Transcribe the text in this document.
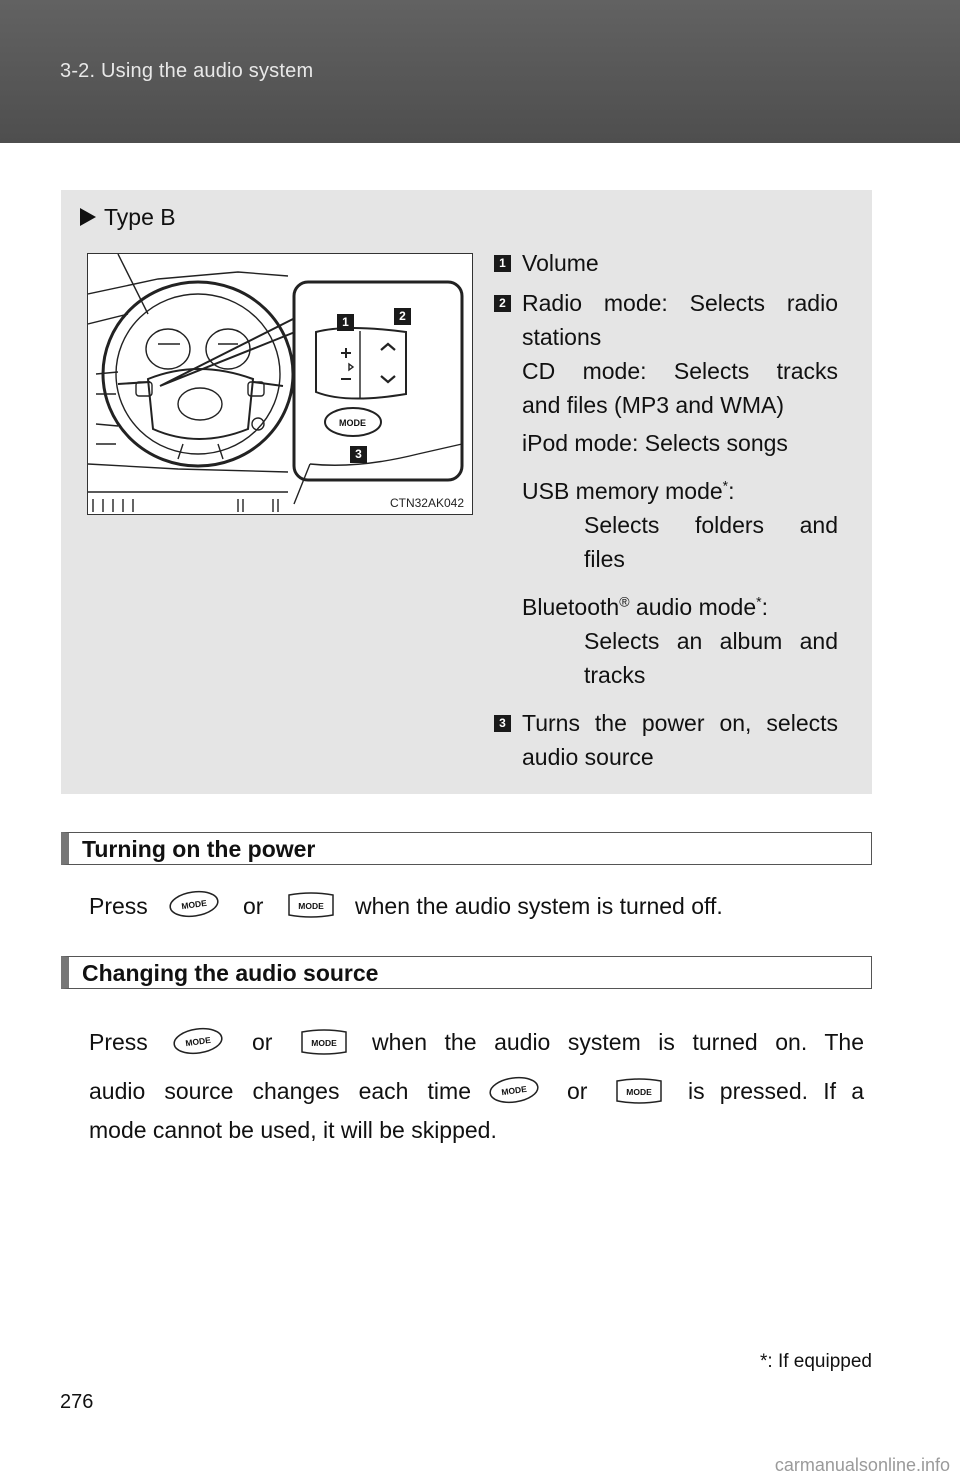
3-2. Using the audio system
Type B
MODE
1	2
3
CTN32AK042
1 Volume
2 Radio mode: Selects radio
stations
CD mode: Selects tracks
and files (MP3 and WMA)
iPod mode: Selects songs
USB memory mode*:
Selects folders and
files
Bluetooth® audio mode*:
Selects an album and
tracks
3 Turns the power on, selects
audio source
Turning on the power
Press	MODE or	MODE when the audio system is turned off.
Changing the audio source
Press	MODE or	MODE when the audio system is turned on. The
audio source changes each time	MODE or	MODE is pressed. If a
mode cannot be used, it will be skipped.
*: If equipped
276
carmanualsonline.info
